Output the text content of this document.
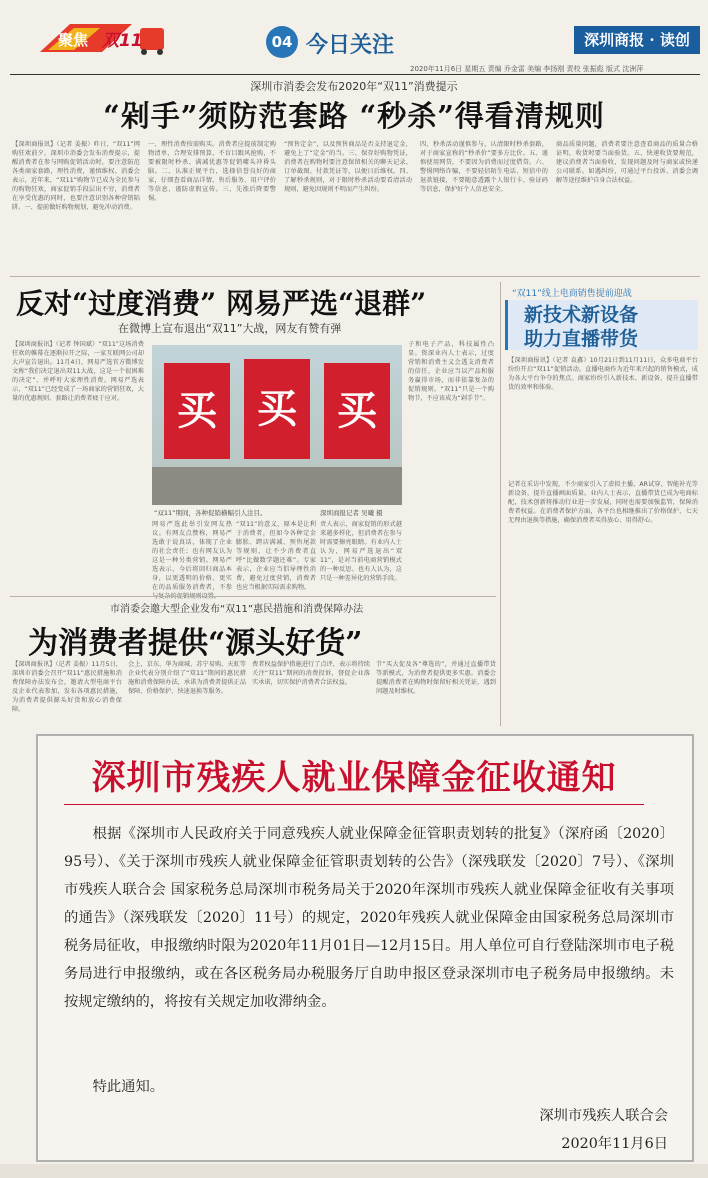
聚焦 双11	04 今日关注	深圳商报 · 读创
2020年11月6日 星期五 责编 乔金雷 美编 李扬刚 责校 张振彪 版式 沈洲萍
深圳市消委会发布2020年“双11”消费提示
“剁手”须防范套路 “秒杀”得看清规则
【深圳商报讯】（记者 姜振）昨日，“双11”网购狂欢前夕，深圳市消委会发布消费提示，提醒消费者在参与网购促销活动时，要注意防范各类商家套路，理性消费，谨慎维权。消委会表示，近年来，“双11”购物节已成为全民参与的购物狂欢，商家促销手段层出不穷，消费者在享受优惠的同时，也要注意识别各种营销陷阱。一、提前做好购物规划，避免冲动消费。
一、理性消费按需购买。消费者应提前制定购物清单，合理安排预算，不盲目跟风抢购，不要被限时秒杀、满减优惠等促销噱头冲昏头脑。二、认准正规平台，选择信誉良好的商家，仔细查看商品详情、售后服务、用户评价等信息，谨防虚假宣传。三、先涨后降要警惕。
“预售定金”，以及预售商品是否支持退定金，避免上了“定金”的当。三、保存好购物凭证，消费者在购物时要注意保留相关的聊天记录、订单截图、付款凭证等，以便日后维权。四、了解秒杀规则，对于限时秒杀活动要看清活动规则，避免因规则不明而产生纠纷。
四、秒杀活动谨慎参与，认清限时秒杀套路，对于商家宣称的“秒杀价”要多方比价。五、谨慎使用网贷，不要因为消费而过度借贷。六、警惕网络诈骗，不要轻信陌生电话、短信中的退款链接，不要随意透露个人银行卡、验证码等信息，保护好个人信息安全。
商品质量问题，消费者要注意查看商品的质量合格证明，收货时要当面验货。五、快递收货要规范，建议消费者当面验收，发现问题及时与商家或快递公司联系。如遇纠纷，可通过平台投诉、消委会调解等途径维护自身合法权益。
反对“过度消费” 网易严选“退群”
在微博上宣布退出“双11”大战，网友有赞有弹
【深圳商报讯】（记者 钟国斌）“双11”这场消费狂欢的帷幕在逐渐拉开之际，一家互联网公司却大声宣告退出。11月4日，网易严选官方微博发文称“我们决定退出双11大战，这是一个很困难的决定”，并呼吁大家理性消费。网易严选表示，“双11”已经变成了一场商家的营销狂欢，大量的优惠规则、套路让消费者疲于应对。	买	买	买
“双11”期间，各种促销横幅引人注目。	深圳商报记者 吴曦 摄
网易严选此举引发网友热议。有网友点赞称，网易严选敢于说真话，体现了企业的社会责任；也有网友认为这是一种另类营销。网易严选表示，今后将回归商品本身，以更透明的价格、更实在的品质服务消费者，不参
“双11”的意义，原本是让利于消费者，但如今各种定金膨胀、跨店满减、预售尾款等规则，让不少消费者直呼“比做数学题还难”。专家表示，企业应当倡导理性消费，避免过度营销，消费者也应当根据实际需求购物。
责人表示，商家促销的形式越来越多样化，但消费者在参与时需要擦亮眼睛。有业内人士认为，网易严选退出“双11”，是对当前电商营销模式的一种反思。也有人认为，这只是一种差异化的营销手段。
子和电子产品，科技属性凸显。资深业内人士表示，过度营销和消费主义会透支消费者的信任，企业应当以产品和服务赢得市场，而非依靠复杂的促销规则。“双11”只是一个购物节，不应该成为“剁手节”。
市消委会邀大型企业发布“双11”惠民措施和消费保障办法
为消费者提供“源头好货”
【深圳商报讯】（记者 姜振）11月5日，深圳市消委会召开“双11”惠民措施和消费保障办法发布会，邀请大型电商平台及企业代表参加，发布各项惠民措施，为消费者提供源头好货和放心消费保障。
会上，京东、华为商城、苏宁易购、天虹等企业代表分别介绍了“双11”期间的惠民措施和消费保障办法，承诺为消费者提供正品保障、价格保护、快速退换等服务。
费者权益保护措施进行了点评，表示将持续关注“双11”期间的消费投诉，督促企业落实承诺，切实保护消费者合法权益。
节”买大促及各“尊选的”，并通过直播带货等新模式，为消费者提供更多实惠。消委会提醒消费者在购物时保留好相关凭证，遇到问题及时维权。
“双11”线上电商销售提前迎战
新技术新设备
助力直播带货
【深圳商报讯】（记者 袁鑫）10月21日到11月11日，众多电商平台纷纷开启“双11”促销活动。直播电商作为近年来兴起的销售模式，成为各大平台争夺的焦点。商家纷纷引入新技术、新设备，提升直播带货的效率和体验。
记者在采访中发现，不少商家引入了虚拟主播、AR试穿、智能补光等新设备，提升直播画面质量。业内人士表示，直播带货已成为电商标配，技术创新将推动行业进一步发展，同时也需要加强监管，保障消费者权益。在消费者保护方面，各平台也相继推出了价格保护、七天无理由退换等措施，确保消费者买得放心、用得舒心。
深圳市残疾人就业保障金征收通知
根据《深圳市人民政府关于同意残疾人就业保障金征管职责划转的批复》（深府函〔2020〕95号）、《关于深圳市残疾人就业保障金征管职责划转的公告》（深残联发〔2020〕7号）、《深圳市残疾人联合会 国家税务总局深圳市税务局关于2020年深圳市残疾人就业保障金征收有关事项的通告》（深残联发〔2020〕11号）的规定，2020年残疾人就业保障金由国家税务总局深圳市税务局征收，申报缴纳时限为2020年11月01日—12月15日。用人单位可自行登陆深圳市电子税务局进行申报缴纳，或在各区税务局办税服务厅自助申报区登录深圳市电子税务局申报缴纳。未按规定缴纳的，将按有关规定加收滞纳金。
特此通知。
深圳市残疾人联合会
2020年11月6日
